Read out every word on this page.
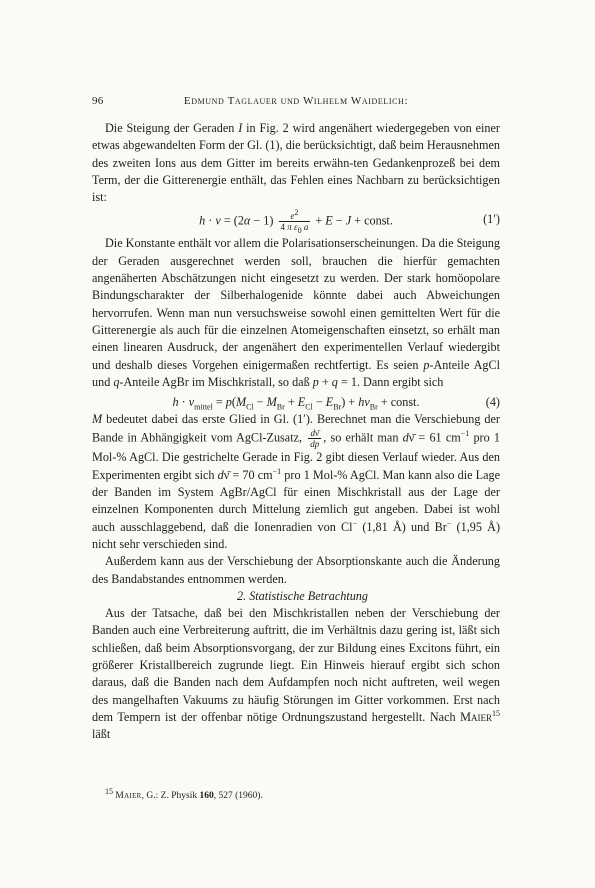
96	Edmund Taglauer und Wilhelm Waidelich:

Die Steigung der Geraden I in Fig. 2 wird angenähert wiedergegeben von einer etwas abgewandelten Form der Gl. (1), die berücksichtigt, daß beim Herausnehmen des zweiten Ions aus dem Gitter im bereits erwähn-ten Gedankenprozeß bei dem Term, der die Gitterenergie enthält, das Fehlen eines Nachbarn zu berücksichtigen ist:

$h \cdot \nu = (2\alpha - 1) \frac{e^2}{4 \pi \varepsilon_0 a} + E - J$ + const.	(1′)

Die Konstante enthält vor allem die Polarisationserscheinungen. Da die Steigung der Geraden ausgerechnet werden soll, brauchen die hierfür gemachten angenäherten Abschätzungen nicht eingesetzt zu werden. Der stark homöopolare Bindungscharakter der Silberhalogenide könnte dabei auch Abweichungen hervorrufen. Wenn man nun versuchsweise sowohl einen gemittelten Wert für die Gitterenergie als auch für die einzelnen Atomeigenschaften einsetzt, so erhält man einen linearen Ausdruck, der angenähert den experimentellen Verlauf wiedergibt und deshalb dieses Vorgehen einigermaßen rechtfertigt. Es seien p-Anteile AgCl und q-Anteile AgBr im Mischkristall, so daß p + q = 1. Dann ergibt sich

$h \cdot \nu_{mittel} = p(M_{Cl} - M_{Br} + E_{Cl} - E_{Br}) + h\nu_{Br}$ + const.	(4)

M bedeutet dabei das erste Glied in Gl. (1′). Berechnet man die Verschiebung der Bande in Abhängigkeit vom AgCl-Zusatz, $\frac{d\nū}{dp}$ , so erhält man dν̄ = 61 $cm^{-1}$ pro 1 Mol-% AgCl. Die gestrichelte Gerade in Fig. 2 gibt diesen Verlauf wieder. Aus den Experimenten ergibt sich dν̄ = 70 $cm^{-1}$ pro 1 Mol-% AgCl. Man kann also die Lage der Banden im System AgBr/AgCl für einen Mischkristall aus der Lage der einzelnen Komponenten durch Mittelung ziemlich gut angeben. Dabei ist wohl auch ausschlaggebend, daß die Ionenradien von Cl− (1,81 Å) und Br− (1,95 Å) nicht sehr verschieden sind.

Außerdem kann aus der Verschiebung der Absorptionskante auch die Änderung des Bandabstandes entnommen werden.

2. Statistische Betrachtung

Aus der Tatsache, daß bei den Mischkristallen neben der Verschiebung der Banden auch eine Verbreiterung auftritt, die im Verhältnis dazu gering ist, läßt sich schließen, daß beim Absorptionsvorgang, der zur Bildung eines Excitons führt, ein größerer Kristallbereich zugrunde liegt. Ein Hinweis hierauf ergibt sich schon daraus, daß die Banden nach dem Aufdampfen noch nicht auftreten, weil wegen des mangelhaften Vakuums zu häufig Störungen im Gitter vorkommen. Erst nach dem Tempern ist der offenbar nötige Ordnungszustand hergestellt. Nach Maier$^{15}$ läßt

$^{15}$ Maier, G.: Z. Physik 160, 527 (1960).
